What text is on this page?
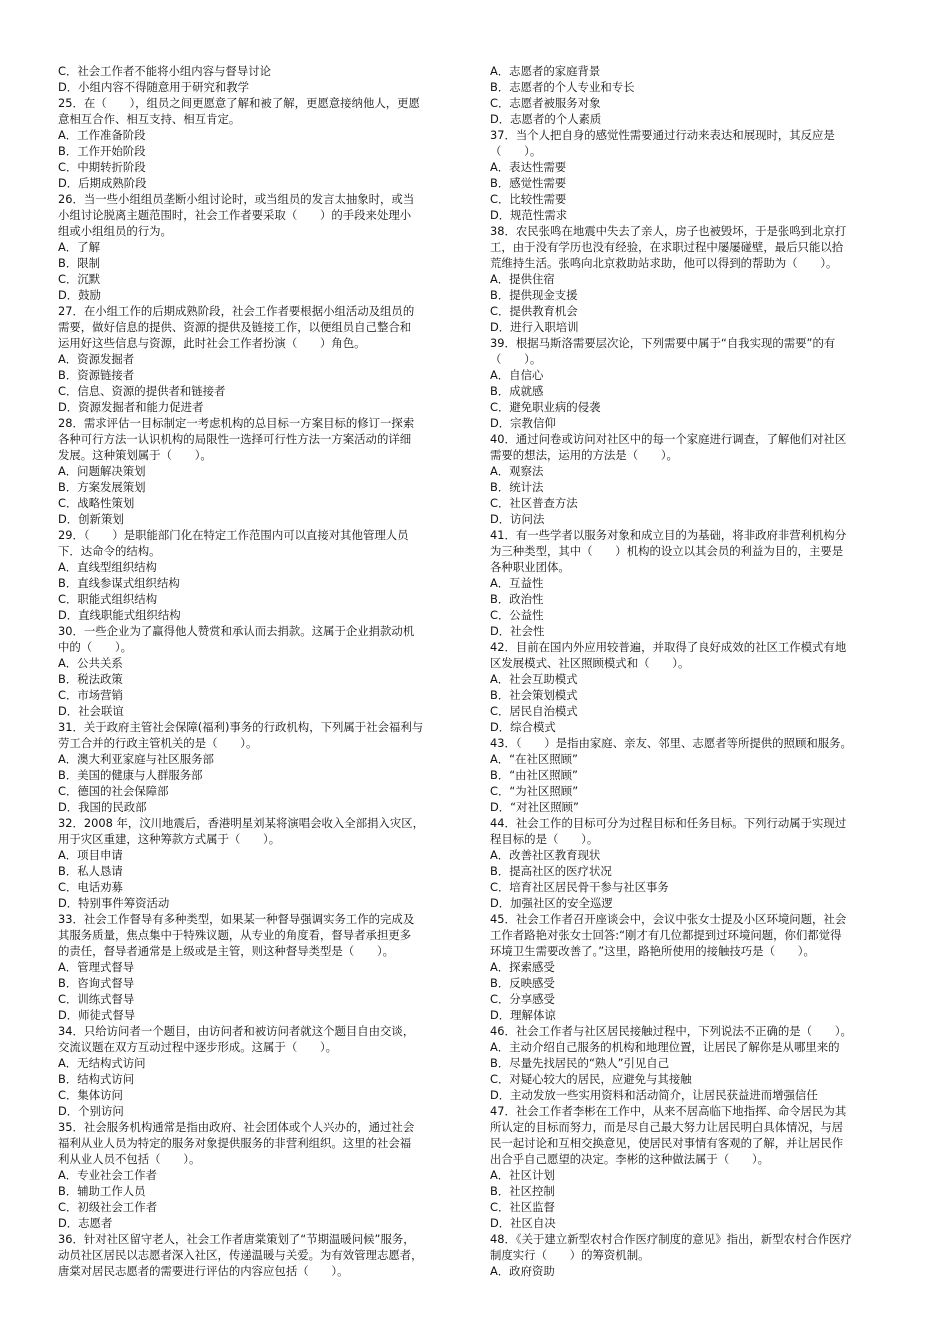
C．社会工作者不能将小组内容与督导讨论
D．小组内容不得随意用于研究和教学
25．在（　　），组员之间更愿意了解和被了解，更愿意接纳他人，更愿
意相互合作、相互支持、相互肯定。
A．工作准备阶段
B．工作开始阶段
C．中期转折阶段
D．后期成熟阶段
26．当一些小组组员垄断小组讨论时，或当组员的发言太抽象时，或当
小组讨论脱离主题范围时，社会工作者要采取（　　）的手段来处理小
组或小组组员的行为。
A．了解
B．限制
C．沉默
D．鼓励
27．在小组工作的后期成熟阶段，社会工作者要根据小组活动及组员的
需要，做好信息的提供、资源的提供及链接工作，以便组员自己整合和
运用好这些信息与资源，此时社会工作者扮演（　　）角色。
A．资源发掘者
B．资源链接者
C．信息、资源的提供者和链接者
D．资源发掘者和能力促进者
28．需求评估一目标制定一考虑机构的总目标一方案目标的修订一探索
各种可行方法一认识机构的局限性一选择可行性方法一方案活动的详细
发展。这种策划属于（　　）。
A．问题解决策划
B．方案发展策划
C．战略性策划
D．创新策划
29．（　　）是职能部门化在特定工作范围内可以直接对其他管理人员
下．达命令的结构。
A．直线型组织结构
B．直线参谋式组织结构
C．职能式组织结构
D．直线职能式组织结构
30．一些企业为了赢得他人赞赏和承认而去捐款。这属于企业捐款动机
中的（　　）。
A．公共关系
B．税法政策
C．市场营销
D．社会联谊
31．关于政府主管社会保障(福利)事务的行政机构，下列属于社会福利与
劳工合并的行政主管机关的是（　　）。
A．澳大利亚家庭与社区服务部
B．美国的健康与人群服务部
C．德国的社会保障部
D．我国的民政部
32．2008 年，汶川地震后，香港明星刘某将演唱会收入全部捐入灾区，
用于灾区重建，这种筹款方式属于（　　）。
A．项目申请
B．私人恳请
C．电话劝募
D．特别事件筹资活动
33．社会工作督导有多种类型，如果某一种督导强调实务工作的完成及
其服务质量，焦点集中于特殊议题，从专业的角度看，督导者承担更多
的责任，督导者通常是上级或是主管，则这种督导类型是（　　）。
A．管理式督导
B．咨询式督导
C．训练式督导
D．师徒式督导
34．只给访问者一个题目，由访问者和被访问者就这个题目自由交谈，
交流议题在双方互动过程中逐步形成。这属于（　　）。
A．无结构式访问
B．结构式访问
C．集体访问
D．个别访问
35．社会服务机构通常是指由政府、社会团体或个人兴办的，通过社会
福利从业人员为特定的服务对象提供服务的非营利组织。这里的社会福
利从业人员不包括（　　）。
A．专业社会工作者
B．辅助工作人员
C．初级社会工作者
D．志愿者
36．针对社区留守老人，社会工作者唐棠策划了“节期温暖问候”服务，
动员社区居民以志愿者深入社区，传递温暖与关爱。为有效管理志愿者，
唐棠对居民志愿者的需要进行评估的内容应包括（　　）。
A．志愿者的家庭背景
B．志愿者的个人专业和专长
C．志愿者被服务对象
D．志愿者的个人素质
37．当个人把自身的感觉性需要通过行动来表达和展现时，其反应是
（　　）。
A．表达性需要
B．感觉性需要
C．比较性需要
D．规范性需求
38．农民张鸣在地震中失去了亲人，房子也被毁坏，于是张鸣到北京打
工，由于没有学历也没有经验，在求职过程中屡屡碰壁，最后只能以拾
荒维持生活。张鸣向北京救助站求助，他可以得到的帮助为（　　）。
A．提供住宿
B．提供现金支援
C．提供教育机会
D．进行入职培训
39．根据马斯洛需要层次论，下列需要中属于“自我实现的需要”的有
（　　）。
A．自信心
B．成就感
C．避免职业病的侵袭
D．宗教信仰
40．通过问卷或访问对社区中的每一个家庭进行调查，了解他们对社区
需要的想法，运用的方法是（　　）。
A．观察法
B．统计法
C．社区普查方法
D．访问法
41．有一些学者以服务对象和成立目的为基础，将非政府非营利机构分
为三种类型，其中（　　）机构的设立以其会员的利益为目的，主要是
各种职业团体。
A．互益性
B．政治性
C．公益性
D．社会性
42．目前在国内外应用较普遍，并取得了良好成效的社区工作模式有地
区发展模式、社区照顾模式和（　　）。
A．社会互助模式
B．社会策划模式
C．居民自治模式
D．综合模式
43．（　　）是指由家庭、亲友、邻里、志愿者等所提供的照顾和服务。
A．“在社区照顾”
B．“由社区照顾”
C．“为社区照顾”
D．“对社区照顾”
44．社会工作的目标可分为过程目标和任务目标。下列行动属于实现过
程目标的是（　　）。
A．改善社区教育现状
B．提高社区的医疗状况
C．培育社区居民骨干参与社区事务
D．加强社区的安全巡逻
45．社会工作者召开座谈会中，会议中张女士提及小区环境问题，社会
工作者路艳对张女士回答:“刚才有几位都提到过环境问题，你们都觉得
环境卫生需要改善了。”这里，路艳所使用的接触技巧是（　　）。
A．探索感受
B．反映感受
C．分享感受
D．理解体谅
46．社会工作者与社区居民接触过程中，下列说法不正确的是（　　）。
A．主动介绍自己服务的机构和地理位置，让居民了解你是从哪里来的
B．尽量先找居民的“熟人”引见自己
C．对疑心较大的居民，应避免与其接触
D．主动发放一些实用资料和活动简介，让居民获益进而增强信任
47．社会工作者李彬在工作中，从来不居高临下地指挥、命令居民为其
所认定的目标而努力，而是尽自己最大努力让居民明白具体情况，与居
民一起讨论和互相交换意见，使居民对事情有客观的了解，并让居民作
出合乎自己愿望的决定。李彬的这种做法属于（　　）。
A．社区计划
B．社区控制
C．社区监督
D．社区自决
48．《关于建立新型农村合作医疗制度的意见》指出，新型农村合作医疗
制度实行（　　）的筹资机制。
A．政府资助
